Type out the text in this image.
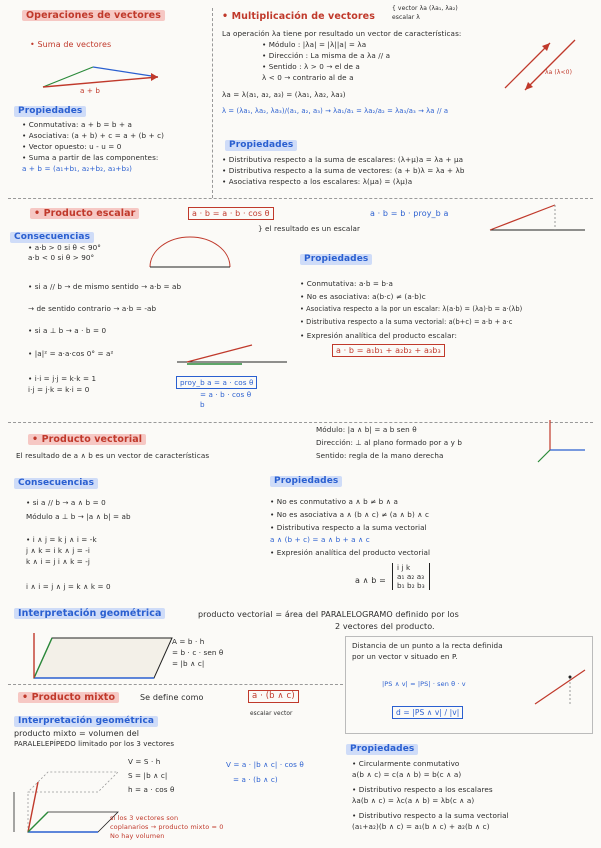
Operaciones de vectores
• Suma de vectores
a + b
Propiedades
• Conmutativa: a + b = b + a
• Asociativa: (a + b) + c = a + (b + c)
• Vector opuesto: u - u = 0
• Suma a partir de las componentes:
a + b = (a₁+b₁, a₂+b₂, a₃+b₃)
• Multiplicación de vectores
{ vector λa (λa₁, λa₂)
escalar λ
La operación λa tiene por resultado un vector de características:
• Módulo : |λa| = |λ||a| = λa
• Dirección : La misma de a λa // a
• Sentido : λ > 0 → el de a
λ < 0 → contrario al de a
λa = λ(a₁, a₂, a₃) = (λa₁, λa₂, λa₃)
λ = (λa₁, λa₂, λa₃)/(a₁, a₂, a₃) → λa₁/a₁ = λa₂/a₂ = λa₃/a₃ → λa // a
λa (λ<0)
Propiedades
• Distributiva respecto a la suma de escalares: (λ+μ)a = λa + μa
• Distributiva respecto a la suma de vectores: (a + b)λ = λa + λb
• Asociativa respecto a los escalares: λ(μa) = (λμ)a
• Producto escalar	a · b = a · b · cos θ	a · b = b · proy_b a
} el resultado es un escalar
Consecuencias
• a·b > 0 si θ < 90°
a·b < 0 si θ > 90°
• si a // b → de mismo sentido → a·b = ab
→ de sentido contrario → a·b = -ab
• si a ⊥ b → a · b = 0
• |a|² = a·a·cos 0° = a²
• i·i = j·j = k·k = 1
i·j = j·k = k·i = 0
proy_b a = a · cos θ
= a · b · cos θ
b
Propiedades
• Conmutativa: a·b = b·a
• No es asociativa: a(b·c) ≠ (a·b)c
• Asociativa respecto a la por un escalar: λ(a·b) = (λa)·b = a·(λb)
• Distributiva respecto a la suma vectorial: a(b+c) = a·b + a·c
• Expresión analítica del producto escalar:
a · b = a₁b₁ + a₂b₂ + a₃b₃
• Producto vectorial
El resultado de a ∧ b es un vector de características
Módulo: |a ∧ b| = a b sen θ
Dirección: ⊥ al plano formado por a y b
Sentido: regla de la mano derecha
Consecuencias
• si a // b → a ∧ b = 0
Módulo a ⊥ b → |a ∧ b| = ab
• i ∧ j = k j ∧ i = -k
j ∧ k = i k ∧ j = -i
k ∧ i = j i ∧ k = -j
i ∧ i = j ∧ j = k ∧ k = 0
Propiedades
• No es conmutativo a ∧ b ≠ b ∧ a
• No es asociativa a ∧ (b ∧ c) ≠ (a ∧ b) ∧ c
• Distributiva respecto a la suma vectorial
a ∧ (b + c) = a ∧ b + a ∧ c
• Expresión analítica del producto vectorial
a ∧ b =
i j k
a₁ a₂ a₃
b₁ b₂ b₃
Interpretación geométrica	producto vectorial = área del PARALELOGRAMO definido por los
2 vectores del producto.
A = b · h
= b · c · sen θ
= |b ∧ c|
Distancia de un punto a la recta definida
por un vector v situado en P.
|PS ∧ v| = |PS| · sen θ · v
d = |PS ∧ v| / |v|
• Producto mixto	Se define como	a · (b ∧ c)
escalar vector
Interpretación geométrica
producto mixto = volumen del
PARALELEPÍPEDO limitado por los 3 vectores
V = S · h
S = |b ∧ c|
h = a · cos θ
V = a · |b ∧ c| · cos θ
= a · (b ∧ c)
si los 3 vectores son
coplanarios → producto mixto = 0
No hay volumen
Propiedades
• Circularmente conmutativo
a(b ∧ c) = c(a ∧ b) = b(c ∧ a)
• Distributivo respecto a los escalares
λa(b ∧ c) = λc(a ∧ b) = λb(c ∧ a)
• Distributivo respecto a la suma vectorial
(a₁+a₂)(b ∧ c) = a₁(b ∧ c) + a₂(b ∧ c)
